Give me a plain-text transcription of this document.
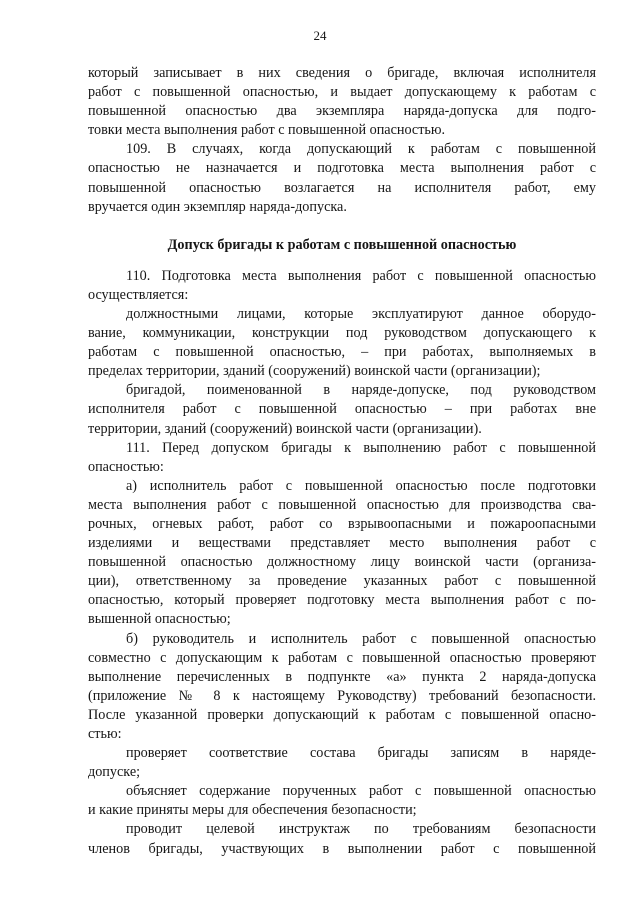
24
который записывает в них сведения о бригаде, включая исполнителя
работ с повышенной опасностью, и выдает допускающему к работам с
повышенной опасностью два экземпляра наряда-допуска для подго-
товки места выполнения работ с повышенной опасностью.
109. В случаях, когда допускающий к работам с повышенной
опасностью не назначается и подготовка места выполнения работ с
повышенной опасностью возлагается на исполнителя работ, ему
вручается один экземпляр наряда-допуска.
Допуск бригады к работам с повышенной опасностью
110. Подготовка места выполнения работ с повышенной опасностью
осуществляется:
должностными лицами, которые эксплуатируют данное оборудо-
вание, коммуникации, конструкции под руководством допускающего к
работам с повышенной опасностью, – при работах, выполняемых в
пределах территории, зданий (сооружений) воинской части (организации);
бригадой, поименованной в наряде-допуске, под руководством
исполнителя работ с повышенной опасностью – при работах вне
территории, зданий (сооружений) воинской части (организации).
111. Перед допуском бригады к выполнению работ с повышенной
опасностью:
а) исполнитель работ с повышенной опасностью после подготовки
места выполнения работ с повышенной опасностью для производства сва-
рочных, огневых работ, работ со взрывоопасными и пожароопасными
изделиями и веществами представляет место выполнения работ с
повышенной опасностью должностному лицу воинской части (организа-
ции), ответственному за проведение указанных работ с повышенной
опасностью, который проверяет подготовку места выполнения работ с по-
вышенной опасностью;
б) руководитель и исполнитель работ с повышенной опасностью
совместно с допускающим к работам с повышенной опасностью проверяют
выполнение перечисленных в подпункте «а» пункта 2 наряда-допуска
(приложение № 8 к настоящему Руководству) требований безопасности.
После указанной проверки допускающий к работам с повышенной опасно-
стью:
проверяет соответствие состава бригады записям в наряде-
допуске;
объясняет содержание порученных работ с повышенной опасностью
и какие приняты меры для обеспечения безопасности;
проводит целевой инструктаж по требованиям безопасности
членов бригады, участвующих в выполнении работ с повышенной
